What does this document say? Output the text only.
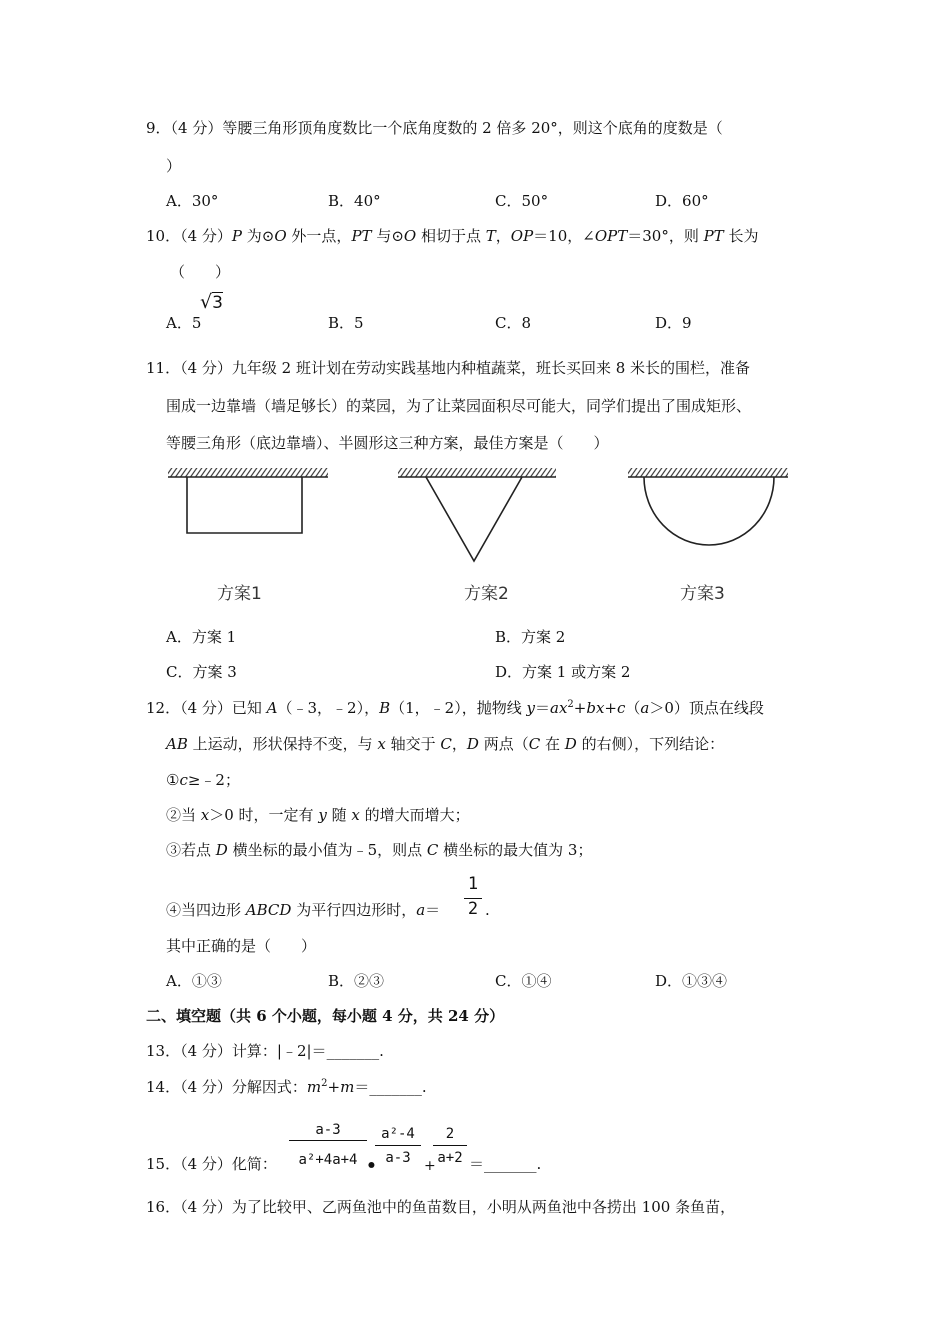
9．（4 分）等腰三角形顶角度数比一个底角度数的 2 倍多 20°，则这个底角的度数是（
）
A．30°	B．40°	C．50°	D．60°
10．（4 分）P 为⊙O 外一点，PT 与⊙O 相切于点 T，OP＝10，∠OPT＝30°，则 PT 长为
（　　）
A．5
√3
B．5	C．8	D．9
11．（4 分）九年级 2 班计划在劳动实践基地内种植蔬菜，班长买回来 8 米长的围栏，准备
围成一边靠墙（墙足够长）的菜园，为了让菜园面积尽可能大，同学们提出了围成矩形、
等腰三角形（底边靠墙）、半圆形这三种方案，最佳方案是（　　）
方案1	方案2	方案3
A．方案 1	B．方案 2
C．方案 3	D．方案 1 或方案 2
12．（4 分）已知 A（﹣3，﹣2），B（1，﹣2），抛物线 $y=ax^2+bx+c(a>0)$顶点在线段
AB 上运动，形状保持不变，与 x 轴交于 C，D 两点（C 在 D 的右侧），下列结论：
①c≥﹣2；
②当 x＞0 时，一定有 y 随 x 的增大而增大；
③若点 D 横坐标的最小值为﹣5，则点 C 横坐标的最大值为 3；
④当四边形 ABCD 为平行四边形时，a＝
1
2 .
其中正确的是（　　）
A．①③	B．②③	C．①④	D．①③④
二、填空题（共 6 个小题，每小题 4 分，共 24 分）
13．（4 分）计算：|﹣2|＝_______.
14．（4 分）分解因式：$m^2+m=\_\_\_\_\_\_\_$.
15．（4 分）化简：
a-3
a²+4a+4 •
a²-4
a-3 +
2
a+2 ＝_______.
16．（4 分）为了比较甲、乙两鱼池中的鱼苗数目，小明从两鱼池中各捞出 100 条鱼苗，
